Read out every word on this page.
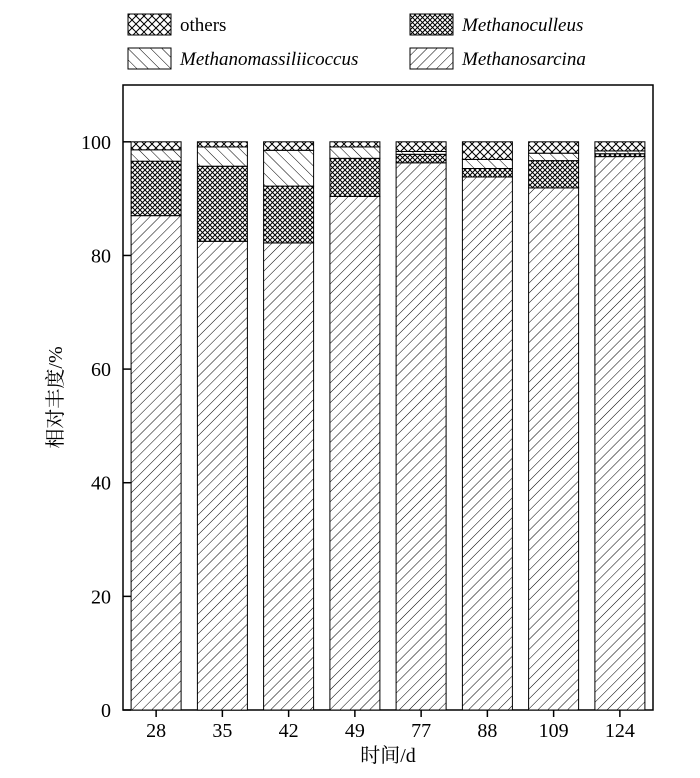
others	Methanoculleus
Methanomassiliicoccus	Methanosarcina
0
20
40
60
80
100
28 35 42 49 77 88 109 124
时间/d
相对丰度/%
